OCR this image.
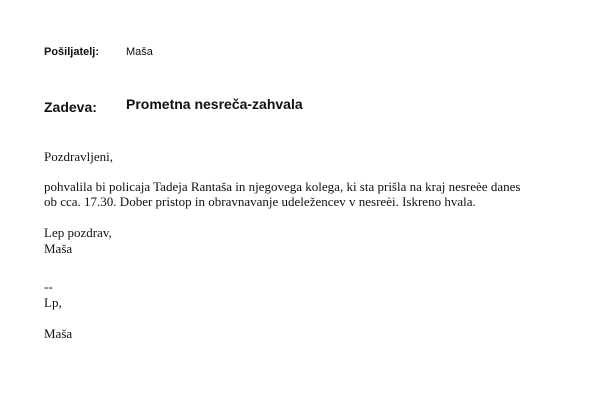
Pošiljatelj: Maša
Zadeva: Prometna nesreča-zahvala
Pozdravljeni,
pohvalila bi policaja Tadeja Rantaša in njegovega kolega, ki sta prišla na kraj nesreèe danes
ob cca. 17.30. Dober pristop in obravnavanje udeležencev v nesreèi. Iskreno hvala.
Lep pozdrav,
Maša
--
Lp,
Maša
